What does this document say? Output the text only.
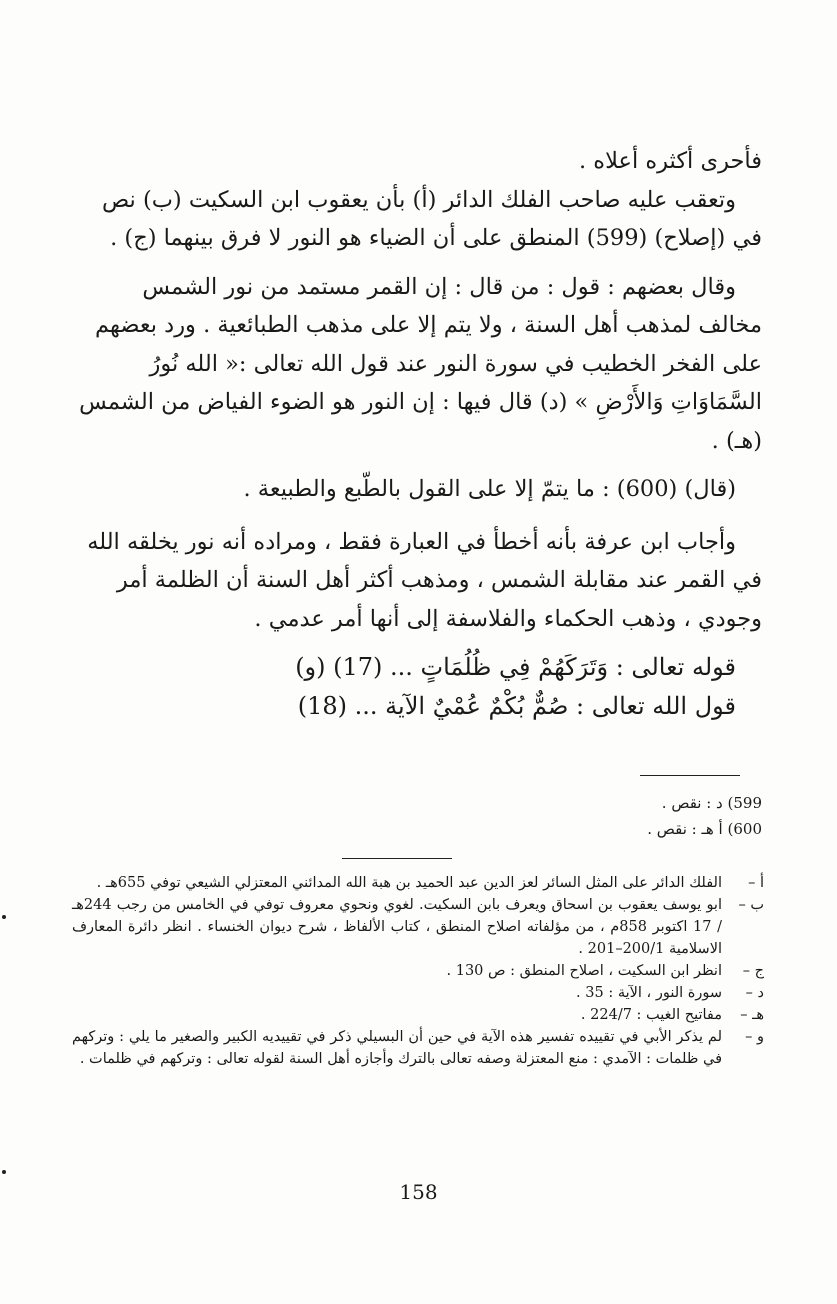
فأحرى أكثره أعلاه .

وتعقب عليه صاحب الفلك الدائر (أ) بأن يعقوب ابن السكيت (ب) نص في (إصلاح) (599) المنطق على أن الضياء هو النور لا فرق بينهما (ج) .

وقال بعضهم : قول : من قال : إن القمر مستمد من نور الشمس مخالف لمذهب أهل السنة ، ولا يتم إلا على مذهب الطبائعية . ورد بعضهم على الفخر الخطيب في سورة النور عند قول الله تعالى :« الله نُورُ السَّمَاوَاتِ وَالأَرْضِ » (د) قال فيها : إن النور هو الضوء الفياض من الشمس (هـ) .

(قال) (600) : ما يتمّ إلا على القول بالطّبع والطبيعة .

وأجاب ابن عرفة بأنه أخطأ في العبارة فقط ، ومراده أنه نور يخلقه الله في القمر عند مقابلة الشمس ، ومذهب أكثر أهل السنة أن الظلمة أمر وجودي ، وذهب الحكماء والفلاسفة إلى أنها أمر عدمي .

قوله تعالى : وَتَرَكَهُمْ فِي ظُلُمَاتٍ ... (17) (و)

قول الله تعالى : صُمٌّ بُكْمٌ عُمْيٌ الآية ... (18)

599) د : نقص .

600) أ هـ : نقص .

أ –
الفلك الدائر على المثل السائر لعز الدين عبد الحميد بن هبة الله المدائني المعتزلي الشيعي توفي 655هـ .
ب –
ابو يوسف يعقوب بن اسحاق ويعرف بابن السكيت. لغوي ونحوي معروف توفي في الخامس من رجب 244هـ / 17 اكتوبر 858م ، من مؤلفاته اصلاح المنطق ، كتاب الألفاظ ، شرح ديوان الخنساء . انظر دائرة المعارف الاسلامية 200/1–201 .
ج –
انظر ابن السكيت ، اصلاح المنطق : ص 130 .
د –
سورة النور ، الآية : 35 .
هـ –
مفاتيح الغيب : 224/7 .
و –
لم يذكر الأبي في تقييده تفسير هذه الآية في حين أن البسيلي ذكر في تقييديه الكبير والصغير ما يلي : وتركهم في ظلمات : الآمدي : منع المعتزلة وصفه تعالى بالترك وأجازه أهل السنة لقوله تعالى : وتركهم في ظلمات .
158
